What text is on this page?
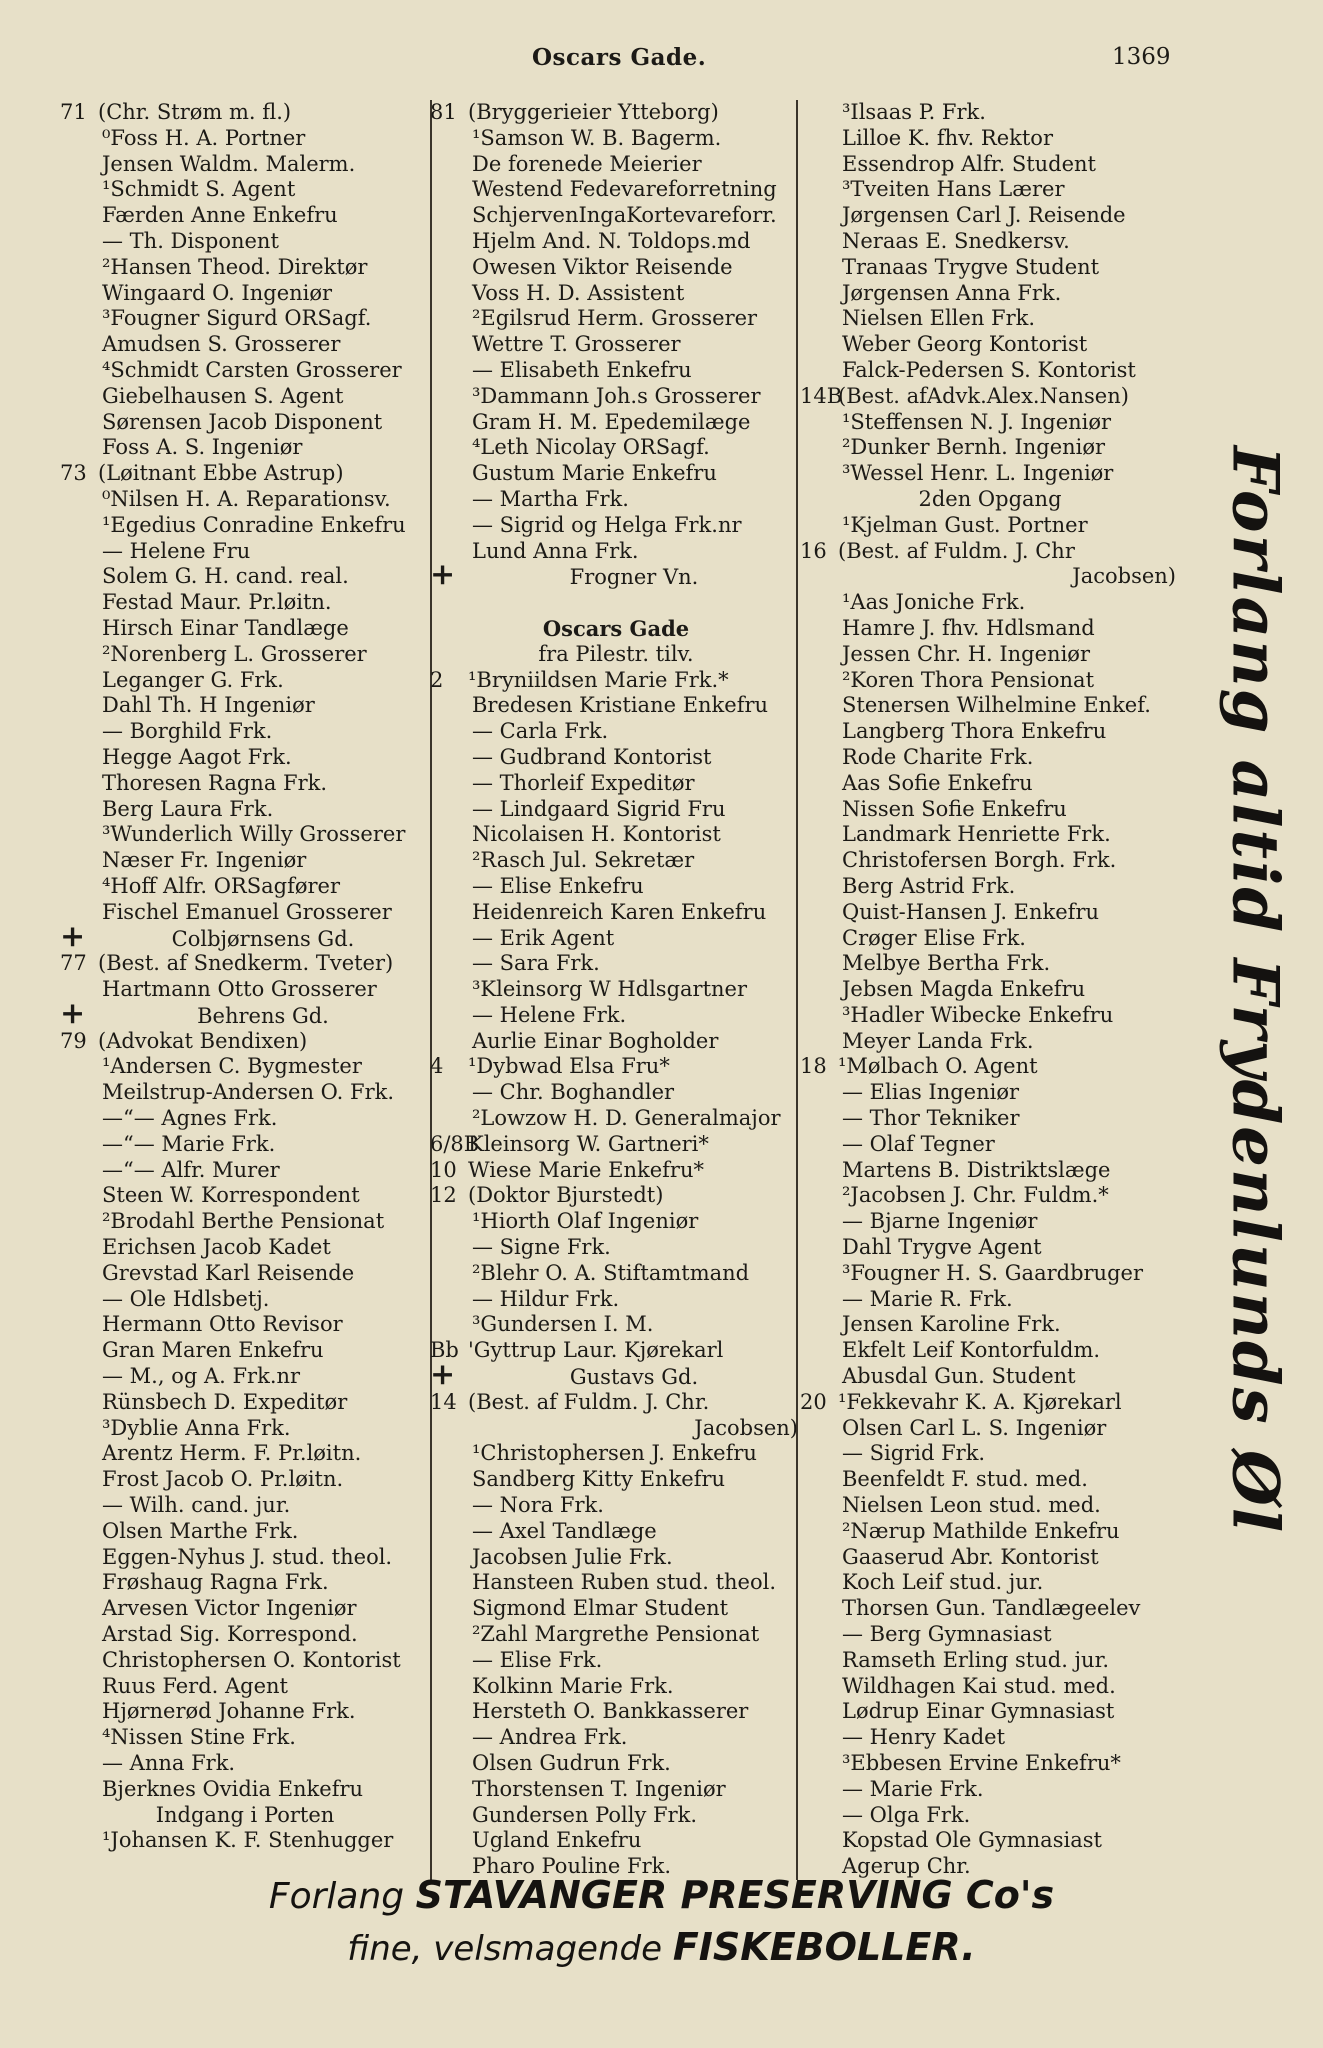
Oscars Gade.	1369
71 (Chr. Strøm m. fl.)
⁰Foss H. A. Portner
Jensen Waldm. Malerm.
¹Schmidt S. Agent
Færden Anne Enkefru
— Th. Disponent
²Hansen Theod. Direktør
Wingaard O. Ingeniør
³Fougner Sigurd ORSagf.
Amudsen S. Grosserer
⁴Schmidt Carsten Grosserer
Giebelhausen S. Agent
Sørensen Jacob Disponent
Foss A. S. Ingeniør
73 (Løitnant Ebbe Astrup)
⁰Nilsen H. A. Reparationsv.
¹Egedius Conradine Enkefru
— Helene Fru
Solem G. H. cand. real.
Festad Maur. Pr.løitn.
Hirsch Einar Tandlæge
²Norenberg L. Grosserer
Leganger G. Frk.
Dahl Th. H Ingeniør
— Borghild Frk.
Hegge Aagot Frk.
Thoresen Ragna Frk.
Berg Laura Frk.
³Wunderlich Willy Grosserer
Næser Fr. Ingeniør
⁴Hoff Alfr. ORSagfører
Fischel Emanuel Grosserer
+	Colbjørnsens Gd.
77 (Best. af Snedkerm. Tveter)
Hartmann Otto Grosserer
+	Behrens Gd.
79 (Advokat Bendixen)
¹Andersen C. Bygmester
Meilstrup-Andersen O. Frk.
—“— Agnes Frk.
—“— Marie Frk.
—“— Alfr. Murer
Steen W. Korrespondent
²Brodahl Berthe Pensionat
Erichsen Jacob Kadet
Grevstad Karl Reisende
— Ole Hdlsbetj.
Hermann Otto Revisor
Gran Maren Enkefru
— M., og A. Frk.nr
Rünsbech D. Expeditør
³Dyblie Anna Frk.
Arentz Herm. F. Pr.løitn.
Frost Jacob O. Pr.løitn.
— Wilh. cand. jur.
Olsen Marthe Frk.
Eggen-Nyhus J. stud. theol.
Frøshaug Ragna Frk.
Arvesen Victor Ingeniør
Arstad Sig. Korrespond.
Christophersen O. Kontorist
Ruus Ferd. Agent
Hjørnerød Johanne Frk.
⁴Nissen Stine Frk.
— Anna Frk.
Bjerknes Ovidia Enkefru
Indgang i Porten
¹Johansen K. F. Stenhugger
81 (Bryggerieier Ytteborg)
¹Samson W. B. Bagerm.
De forenede Meierier
Westend Fedevareforretning
SchjervenIngaKortevareforr.
Hjelm And. N. Toldops.md
Owesen Viktor Reisende
Voss H. D. Assistent
²Egilsrud Herm. Grosserer
Wettre T. Grosserer
— Elisabeth Enkefru
³Dammann Joh.s Grosserer
Gram H. M. Epedemilæge
⁴Leth Nicolay ORSagf.
Gustum Marie Enkefru
— Martha Frk.
— Sigrid og Helga Frk.nr
Lund Anna Frk.
+	Frogner Vn.
Oscars Gade
fra Pilestr. tilv.
2 ¹Bryniildsen Marie Frk.*
Bredesen Kristiane Enkefru
— Carla Frk.
— Gudbrand Kontorist
— Thorleif Expeditør
— Lindgaard Sigrid Fru
Nicolaisen H. Kontorist
²Rasch Jul. Sekretær
— Elise Enkefru
Heidenreich Karen Enkefru
— Erik Agent
— Sara Frk.
³Kleinsorg W Hdlsgartner
— Helene Frk.
Aurlie Einar Bogholder
4 ¹Dybwad Elsa Fru*
— Chr. Boghandler
²Lowzow H. D. Generalmajor
6/8BKleinsorg W. Gartneri*
10 Wiese Marie Enkefru*
12 (Doktor Bjurstedt)
¹Hiorth Olaf Ingeniør
— Signe Frk.
²Blehr O. A. Stiftamtmand
— Hildur Frk.
³Gundersen I. M.
Bb 'Gyttrup Laur. Kjørekarl
+	Gustavs Gd.
14 (Best. af Fuldm. J. Chr.
Jacobsen)
¹Christophersen J. Enkefru
Sandberg Kitty Enkefru
— Nora Frk.
— Axel Tandlæge
Jacobsen Julie Frk.
Hansteen Ruben stud. theol.
Sigmond Elmar Student
²Zahl Margrethe Pensionat
— Elise Frk.
Kolkinn Marie Frk.
Hersteth O. Bankkasserer
— Andrea Frk.
Olsen Gudrun Frk.
Thorstensen T. Ingeniør
Gundersen Polly Frk.
Ugland Enkefru
Pharo Pouline Frk.
³Ilsaas P. Frk.
Lilloe K. fhv. Rektor
Essendrop Alfr. Student
³Tveiten Hans Lærer
Jørgensen Carl J. Reisende
Neraas E. Snedkersv.
Tranaas Trygve Student
Jørgensen Anna Frk.
Nielsen Ellen Frk.
Weber Georg Kontorist
Falck-Pedersen S. Kontorist
14B(Best. afAdvk.Alex.Nansen)
¹Steffensen N. J. Ingeniør
²Dunker Bernh. Ingeniør
³Wessel Henr. L. Ingeniør
2den Opgang
¹Kjelman Gust. Portner
16 (Best. af Fuldm. J. Chr
Jacobsen)
¹Aas Joniche Frk.
Hamre J. fhv. Hdlsmand
Jessen Chr. H. Ingeniør
²Koren Thora Pensionat
Stenersen Wilhelmine Enkef.
Langberg Thora Enkefru
Rode Charite Frk.
Aas Sofie Enkefru
Nissen Sofie Enkefru
Landmark Henriette Frk.
Christofersen Borgh. Frk.
Berg Astrid Frk.
Quist-Hansen J. Enkefru
Crøger Elise Frk.
Melbye Bertha Frk.
Jebsen Magda Enkefru
³Hadler Wibecke Enkefru
Meyer Landa Frk.
18 ¹Mølbach O. Agent
— Elias Ingeniør
— Thor Tekniker
— Olaf Tegner
Martens B. Distriktslæge
²Jacobsen J. Chr. Fuldm.*
— Bjarne Ingeniør
Dahl Trygve Agent
³Fougner H. S. Gaardbruger
— Marie R. Frk.
Jensen Karoline Frk.
Ekfelt Leif Kontorfuldm.
Abusdal Gun. Student
20 ¹Fekkevahr K. A. Kjørekarl
Olsen Carl L. S. Ingeniør
— Sigrid Frk.
Beenfeldt F. stud. med.
Nielsen Leon stud. med.
²Nærup Mathilde Enkefru
Gaaserud Abr. Kontorist
Koch Leif stud. jur.
Thorsen Gun. Tandlægeelev
— Berg Gymnasiast
Ramseth Erling stud. jur.
Wildhagen Kai stud. med.
Lødrup Einar Gymnasiast
— Henry Kadet
³Ebbesen Ervine Enkefru*
— Marie Frk.
— Olga Frk.
Kopstad Ole Gymnasiast
Agerup Chr.
Forlang altid Frydenlunds Øl
Forlang STAVANGER PRESERVING Co's
fine, velsmagende FISKEBOLLER.
